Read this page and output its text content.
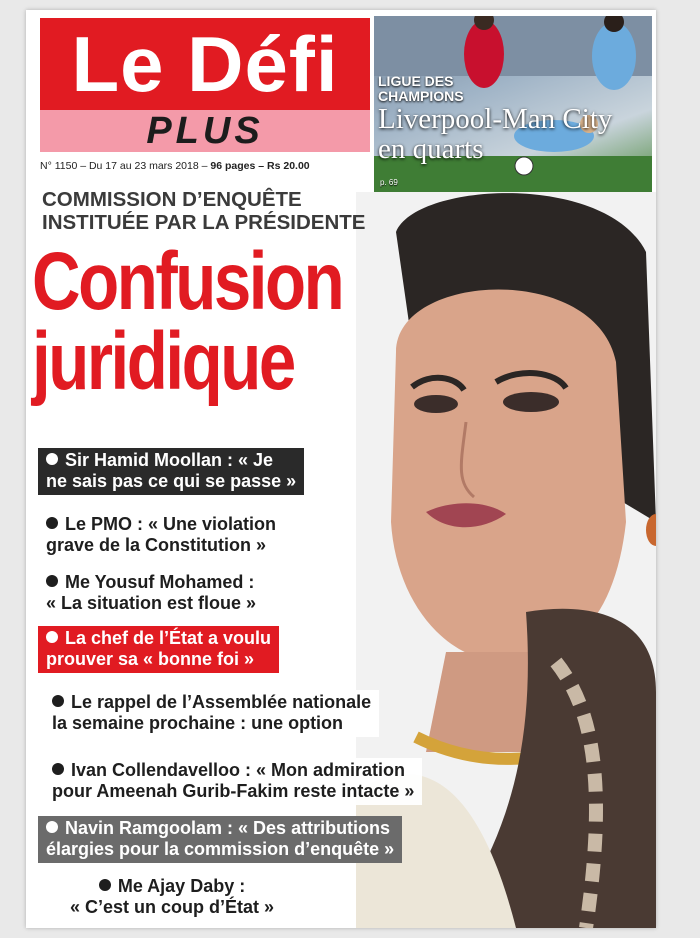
Le Défi
PLUS
N° 1150 – Du 17 au 23 mars 2018 – 96 pages – Rs 20.00
LIGUE DES CHAMPIONS
Liverpool-Man City
en quarts
p. 69
COMMISSION D’ENQUÊTE
INSTITUÉE PAR LA PRÉSIDENTE
Confusion
juridique
Sir Hamid Moollan : « Je
ne sais pas ce qui se passe »
Le PMO : « Une violation
grave de la Constitution »
Me Yousuf Mohamed :
« La situation est floue »
La chef de l’État a voulu
prouver sa « bonne foi »
Le rappel de l’Assemblée nationale
la semaine prochaine : une option
Ivan Collendavelloo : « Mon admiration
pour Ameenah Gurib-Fakim reste intacte »
Navin Ramgoolam : « Des attributions
élargies pour la commission d’enquête »
Me Ajay Daby :
« C’est un coup d’État »
